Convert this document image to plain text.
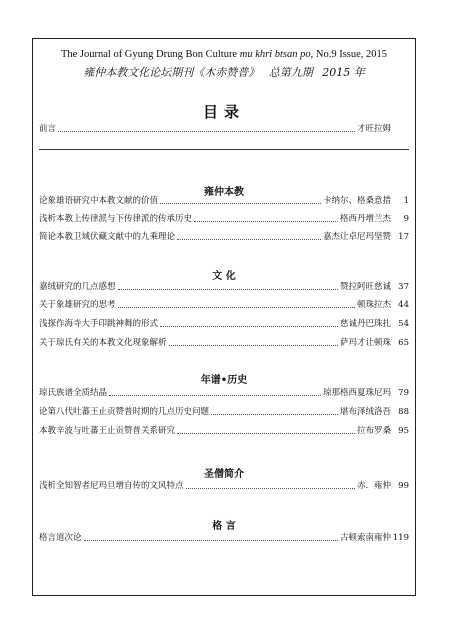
The Journal of Gyung Drung Bon Culture mu khri btsan po, No.9 Issue, 2015
雍仲本教文化论坛期刊《木赤赞普》 总第九期 2015 年
目录
前言	才旺拉姆
雍仲本教
论象雄语研究中本教文献的价值	卡纳尔、格桑意措	1
浅析本教上传律派与下传律派的传承历史	格西丹增兰杰	9
简论本教卫域伏藏文献中的九乘理论	嘉杰让卓尼玛坚赞 17
文 化
嘉绒研究的几点感想	赞拉阿旺慈诚 37
关于象雄研究的思考	顿珠拉杰 44
浅探作海寺大手印跳神舞的形式	慈诚丹巴珠扎 54
关于琼氏有关的本教文化现象解析	萨玛才让顿珠 65
年谱•历史
琼氏族谱全质结晶	琼那格西夏珠尼玛 79
论第八代吐蕃王止贡赞普时期的几点历史问题	堪布泽绒洛吾 88
本教辛波与吐蕃王止贡赞普关系研究	拉布罗桑 95
圣僧简介
浅析全知智者尼玛旦增自传的文风特点	赤．雍仲 99
格 言
格言道次论	古顿索南雍仲 119
